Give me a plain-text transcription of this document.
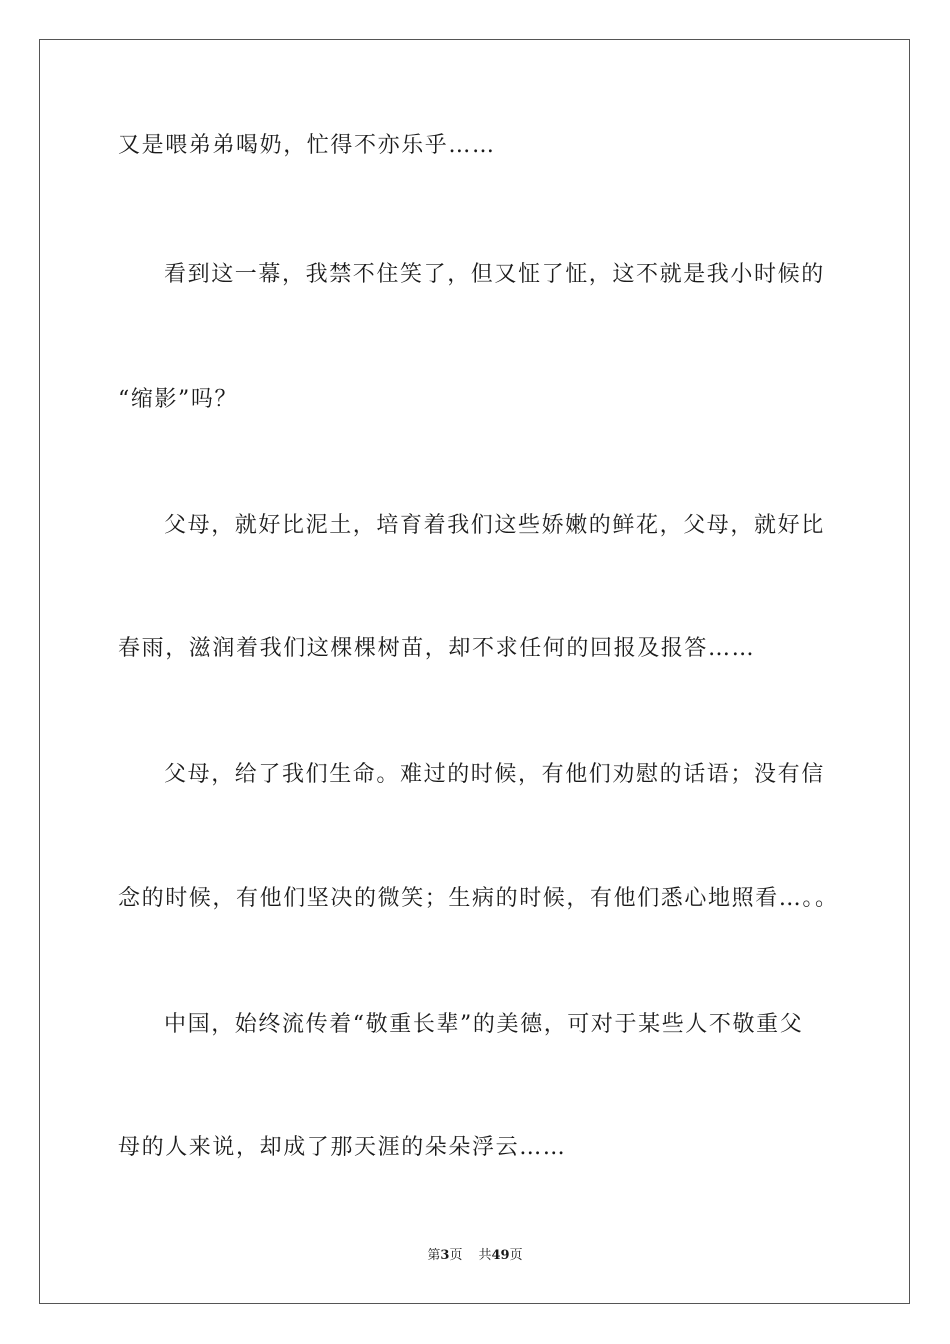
又是喂弟弟喝奶，忙得不亦乐乎……
看到这一幕，我禁不住笑了，但又怔了怔，这不就是我小时候的
“缩影”吗？
父母，就好比泥土，培育着我们这些娇嫩的鲜花，父母，就好比
春雨，滋润着我们这棵棵树苗，却不求任何的回报及报答……
父母，给了我们生命。难过的时候，有他们劝慰的话语；没有信
念的时候，有他们坚决的微笑；生病的时候，有他们悉心地照看…。。
中国，始终流传着“敬重长辈”的美德，可对于某些人不敬重父
母的人来说，却成了那天涯的朵朵浮云……
第3页 共49页
